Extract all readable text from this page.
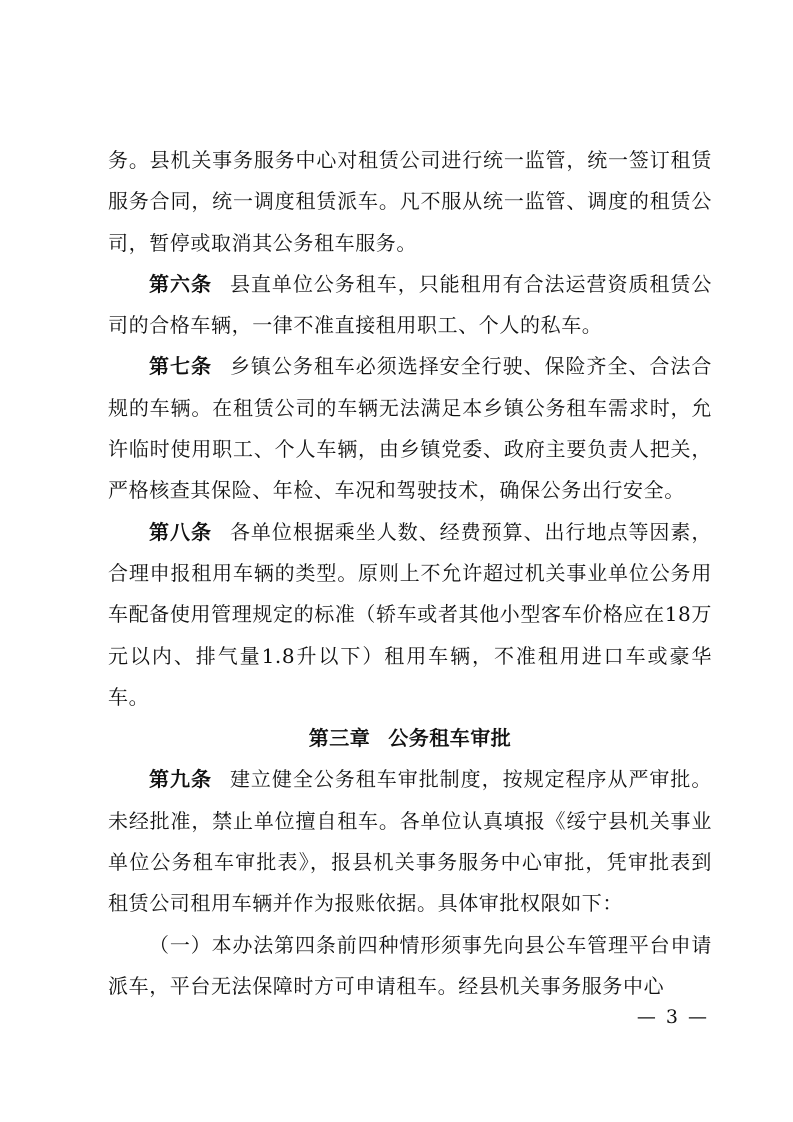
务。县机关事务服务中心对租赁公司进行统一监管，统一签订租赁服务合同，统一调度租赁派车。凡不服从统一监管、调度的租赁公司，暂停或取消其公务租车服务。

第六条 县直单位公务租车，只能租用有合法运营资质租赁公司的合格车辆，一律不准直接租用职工、个人的私车。

第七条 乡镇公务租车必须选择安全行驶、保险齐全、合法合规的车辆。在租赁公司的车辆无法满足本乡镇公务租车需求时，允许临时使用职工、个人车辆，由乡镇党委、政府主要负责人把关，严格核查其保险、年检、车况和驾驶技术，确保公务出行安全。

第八条 各单位根据乘坐人数、经费预算、出行地点等因素，合理申报租用车辆的类型。原则上不允许超过机关事业单位公务用车配备使用管理规定的标准（轿车或者其他小型客车价格应在18万元以内、排气量1.8升以下）租用车辆，不准租用进口车或豪华车。

第三章 公务租车审批

第九条 建立健全公务租车审批制度，按规定程序从严审批。未经批准，禁止单位擅自租车。各单位认真填报《绥宁县机关事业单位公务租车审批表》，报县机关事务服务中心审批，凭审批表到租赁公司租用车辆并作为报账依据。具体审批权限如下：

（一）本办法第四条前四种情形须事先向县公车管理平台申请派车，平台无法保障时方可申请租车。经县机关事务服务中心

— 3 —
